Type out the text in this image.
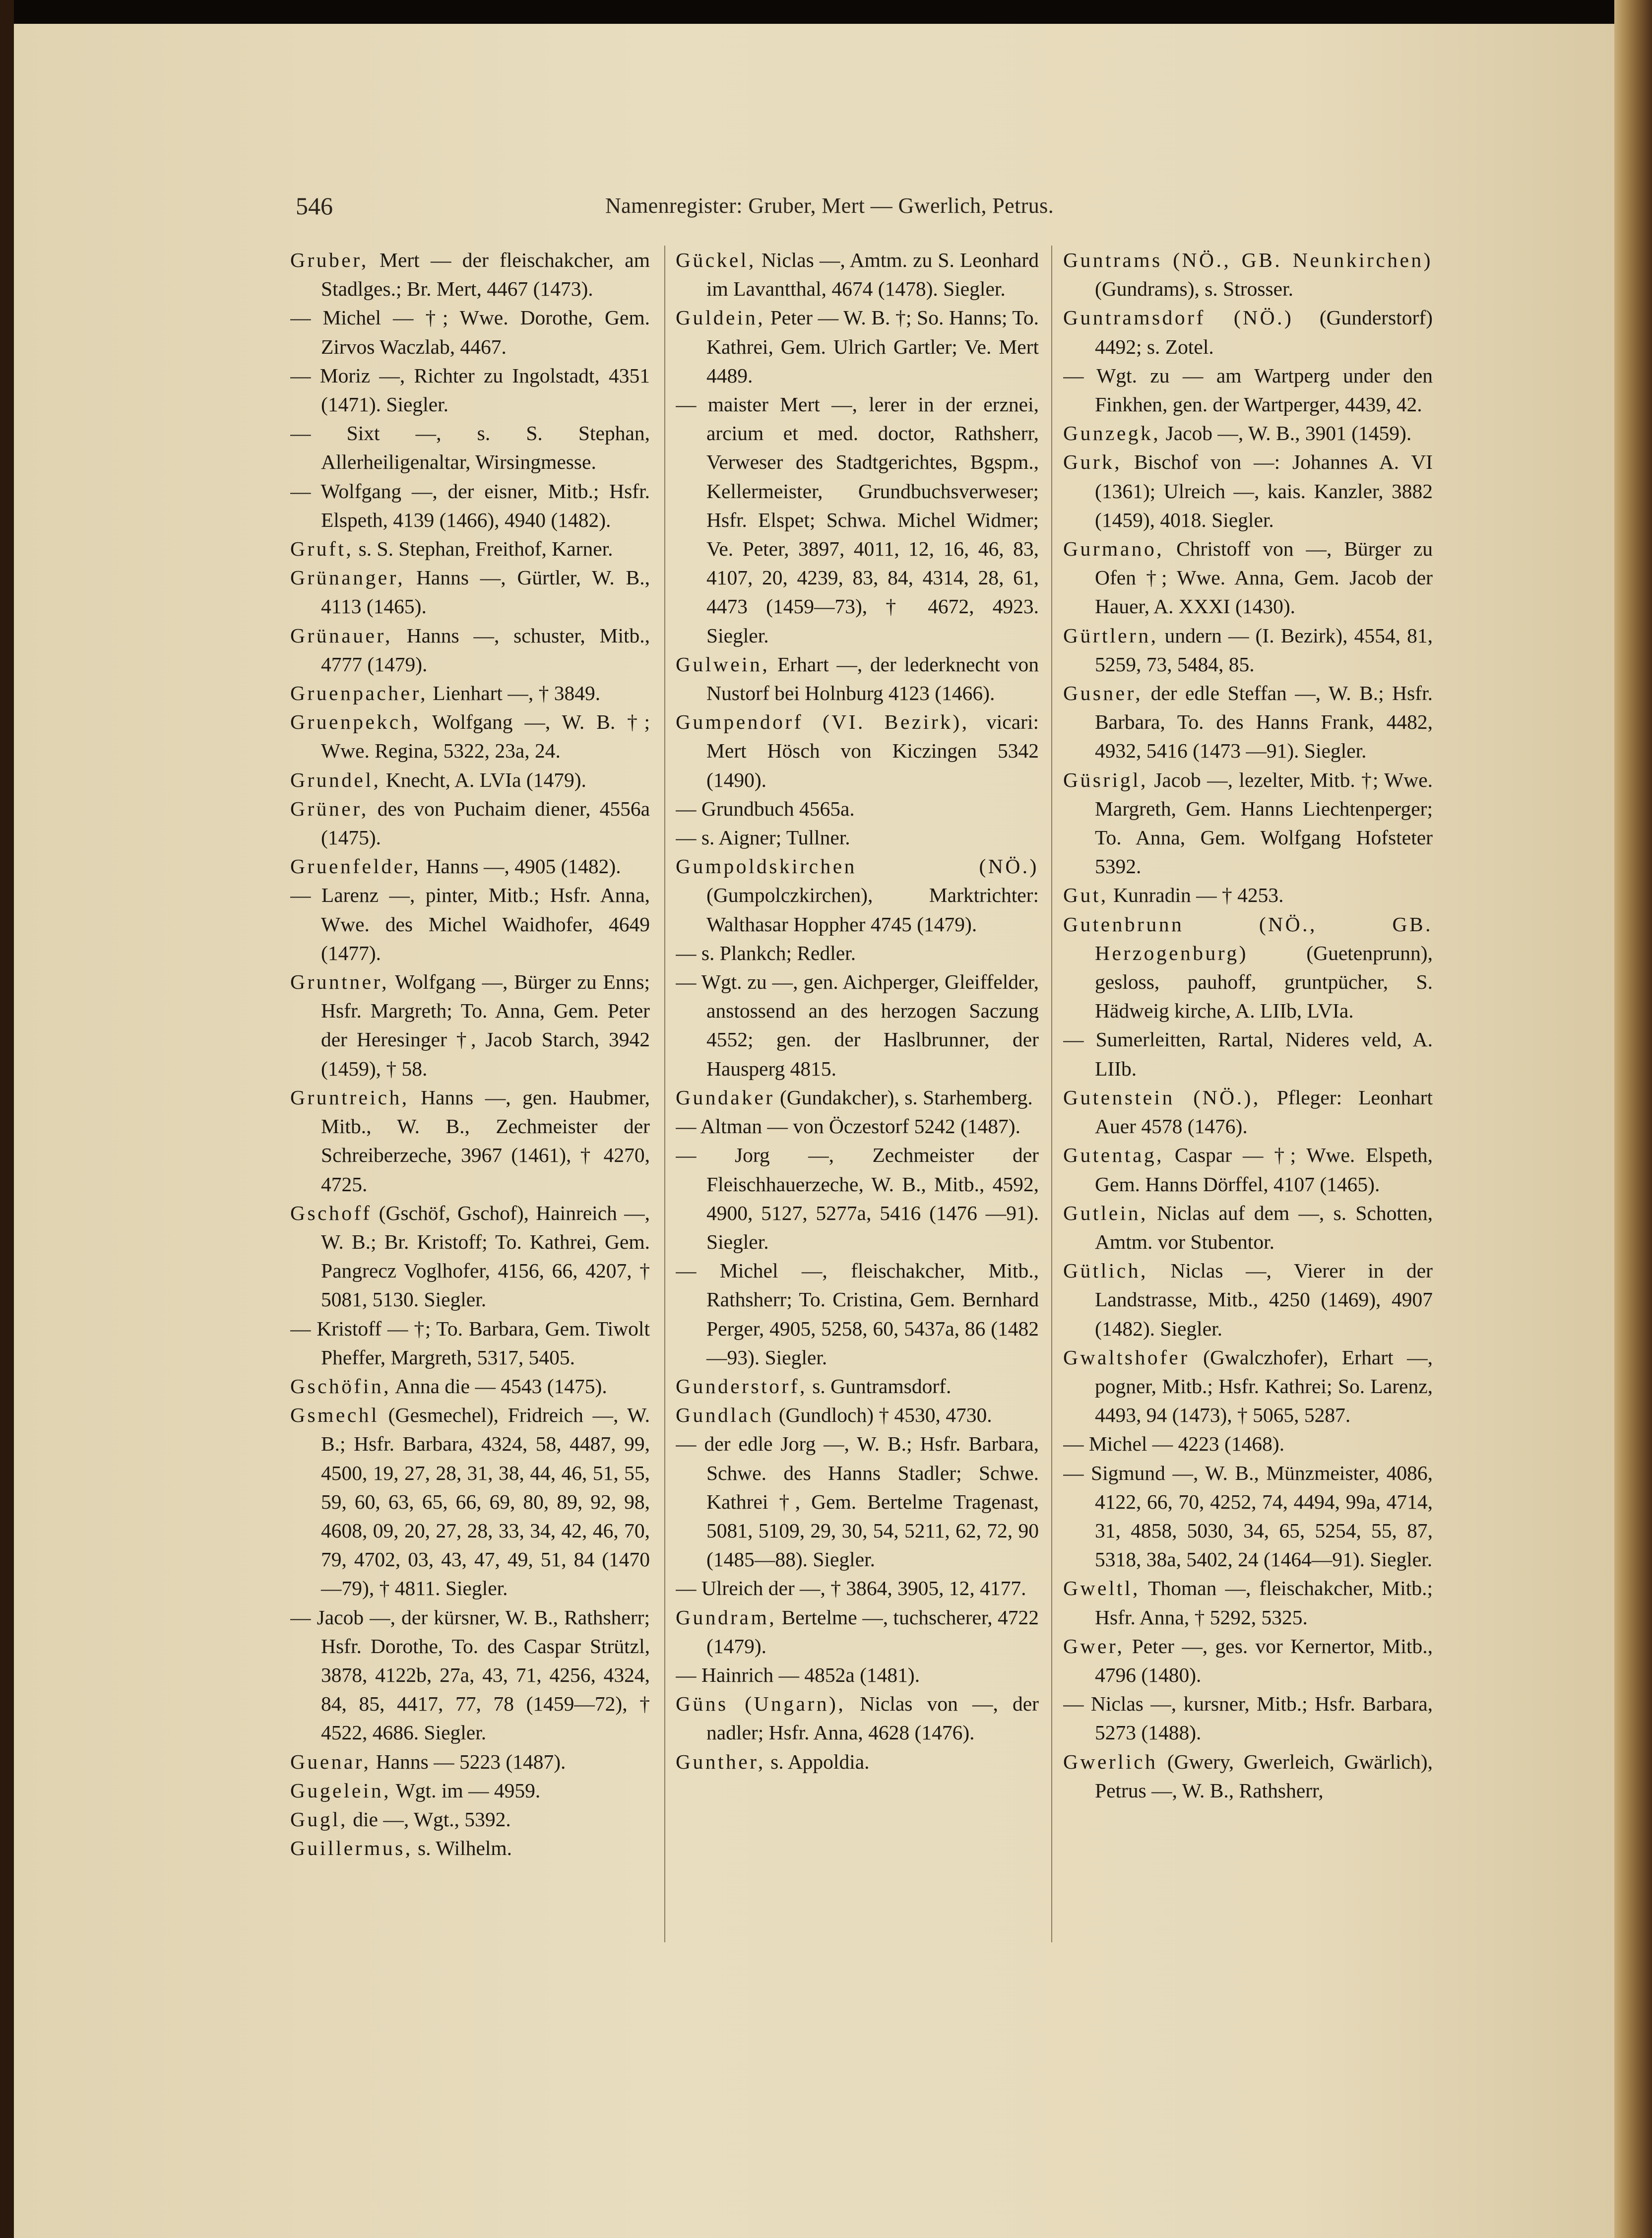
546	Namenregister: Gruber, Mert — Gwerlich, Petrus.

Gruber, Mert — der fleischakcher, am Stadlges.; Br. Mert, 4467 (1473).

— Michel — †; Wwe. Dorothe, Gem. Zirvos Waczlab, 4467.

— Moriz —, Richter zu Ingolstadt, 4351 (1471). Siegler.

— Sixt —, s. S. Stephan, Allerheiligenaltar, Wirsingmesse.

— Wolfgang —, der eisner, Mitb.; Hsfr. Elspeth, 4139 (1466), 4940 (1482).

Gruft, s. S. Stephan, Freithof, Karner.

Grünanger, Hanns —, Gürtler, W. B., 4113 (1465).

Grünauer, Hanns —, schuster, Mitb., 4777 (1479).

Gruenpacher, Lienhart —, † 3849.

Gruenpekch, Wolfgang —, W. B. †; Wwe. Regina, 5322, 23a, 24.

Grundel, Knecht, A. LVIa (1479).

Grüner, des von Puchaim diener, 4556a (1475).

Gruenfelder, Hanns —, 4905 (1482).

— Larenz —, pinter, Mitb.; Hsfr. Anna, Wwe. des Michel Waidhofer, 4649 (1477).

Gruntner, Wolfgang —, Bürger zu Enns; Hsfr. Margreth; To. Anna, Gem. Peter der Heresinger †, Jacob Starch, 3942 (1459), † 58.

Gruntreich, Hanns —, gen. Haubmer, Mitb., W. B., Zechmeister der Schreiberzeche, 3967 (1461), † 4270, 4725.

Gschoff (Gschöf, Gschof), Hainreich —, W. B.; Br. Kristoff; To. Kathrei, Gem. Pangrecz Voglhofer, 4156, 66, 4207, † 5081, 5130. Siegler.

— Kristoff — †; To. Barbara, Gem. Tiwolt Pheffer, Margreth, 5317, 5405.

Gschöfin, Anna die — 4543 (1475).

Gsmechl (Gesmechel), Fridreich —, W. B.; Hsfr. Barbara, 4324, 58, 4487, 99, 4500, 19, 27, 28, 31, 38, 44, 46, 51, 55, 59, 60, 63, 65, 66, 69, 80, 89, 92, 98, 4608, 09, 20, 27, 28, 33, 34, 42, 46, 70, 79, 4702, 03, 43, 47, 49, 51, 84 (1470—79), † 4811. Siegler.

— Jacob —, der kürsner, W. B., Rathsherr; Hsfr. Dorothe, To. des Caspar Strützl, 3878, 4122b, 27a, 43, 71, 4256, 4324, 84, 85, 4417, 77, 78 (1459—72), † 4522, 4686. Siegler.

Guenar, Hanns — 5223 (1487).

Gugelein, Wgt. im — 4959.

Gugl, die —, Wgt., 5392.

Guillermus, s. Wilhelm.

Gückel, Niclas —, Amtm. zu S. Leonhard im Lavantthal, 4674 (1478). Siegler.

Guldein, Peter — W. B. †; So. Hanns; To. Kathrei, Gem. Ulrich Gartler; Ve. Mert 4489.

— maister Mert —, lerer in der erznei, arcium et med. doctor, Rathsherr, Verweser des Stadtgerichtes, Bgspm., Kellermeister, Grundbuchsverweser; Hsfr. Elspet; Schwa. Michel Widmer; Ve. Peter, 3897, 4011, 12, 16, 46, 83, 4107, 20, 4239, 83, 84, 4314, 28, 61, 4473 (1459—73), † 4672, 4923. Siegler.

Gulwein, Erhart —, der lederknecht von Nustorf bei Holnburg 4123 (1466).

Gumpendorf (VI. Bezirk), vicari: Mert Hösch von Kiczingen 5342 (1490).

— Grundbuch 4565a.

— s. Aigner; Tullner.

Gumpoldskirchen (NÖ.) (Gumpolczkirchen), Marktrichter: Walthasar Hoppher 4745 (1479).

— s. Plankch; Redler.

— Wgt. zu —, gen. Aichperger, Gleiffelder, anstossend an des herzogen Saczung 4552; gen. der Haslbrunner, der Hausperg 4815.

Gundaker (Gundakcher), s. Starhemberg.

— Altman — von Öczestorf 5242 (1487).

— Jorg —, Zechmeister der Fleischhauerzeche, W. B., Mitb., 4592, 4900, 5127, 5277a, 5416 (1476 —91). Siegler.

— Michel —, fleischakcher, Mitb., Rathsherr; To. Cristina, Gem. Bernhard Perger, 4905, 5258, 60, 5437a, 86 (1482—93). Siegler.

Gunderstorf, s. Guntramsdorf.

Gundlach (Gundloch) † 4530, 4730.

— der edle Jorg —, W. B.; Hsfr. Barbara, Schwe. des Hanns Stadler; Schwe. Kathrei †, Gem. Bertelme Tragenast, 5081, 5109, 29, 30, 54, 5211, 62, 72, 90 (1485—88). Siegler.

— Ulreich der —, † 3864, 3905, 12, 4177.

Gundram, Bertelme —, tuchscherer, 4722 (1479).

— Hainrich — 4852a (1481).

Güns (Ungarn), Niclas von —, der nadler; Hsfr. Anna, 4628 (1476).

Gunther, s. Appoldia.

Guntrams (NÖ., GB. Neunkirchen) (Gundrams), s. Strosser.

Guntramsdorf (NÖ.) (Gunderstorf) 4492; s. Zotel.

— Wgt. zu — am Wartperg under den Finkhen, gen. der Wartperger, 4439, 42.

Gunzegk, Jacob —, W. B., 3901 (1459).

Gurk, Bischof von —: Johannes A. VI (1361); Ulreich —, kais. Kanzler, 3882 (1459), 4018. Siegler.

Gurmano, Christoff von —, Bürger zu Ofen †; Wwe. Anna, Gem. Jacob der Hauer, A. XXXI (1430).

Gürtlern, undern — (I. Bezirk), 4554, 81, 5259, 73, 5484, 85.

Gusner, der edle Steffan —, W. B.; Hsfr. Barbara, To. des Hanns Frank, 4482, 4932, 5416 (1473 —91). Siegler.

Güsrigl, Jacob —, lezelter, Mitb. †; Wwe. Margreth, Gem. Hanns Liechtenperger; To. Anna, Gem. Wolfgang Hofsteter 5392.

Gut, Kunradin — † 4253.

Gutenbrunn (NÖ., GB. Herzogenburg) (Guetenprunn), gesloss, pauhoff, gruntpücher, S. Hädweig kirche, A. LIIb, LVIa.

— Sumerleitten, Rartal, Nideres veld, A. LIIb.

Gutenstein (NÖ.), Pfleger: Leonhart Auer 4578 (1476).

Gutentag, Caspar — †; Wwe. Elspeth, Gem. Hanns Dörffel, 4107 (1465).

Gutlein, Niclas auf dem —, s. Schotten, Amtm. vor Stubentor.

Gütlich, Niclas —, Vierer in der Landstrasse, Mitb., 4250 (1469), 4907 (1482). Siegler.

Gwaltshofer (Gwalczhofer), Erhart —, pogner, Mitb.; Hsfr. Kathrei; So. Larenz, 4493, 94 (1473), † 5065, 5287.

— Michel — 4223 (1468).

— Sigmund —, W. B., Münzmeister, 4086, 4122, 66, 70, 4252, 74, 4494, 99a, 4714, 31, 4858, 5030, 34, 65, 5254, 55, 87, 5318, 38a, 5402, 24 (1464—91). Siegler.

Gweltl, Thoman —, fleischakcher, Mitb.; Hsfr. Anna, † 5292, 5325.

Gwer, Peter —, ges. vor Kernertor, Mitb., 4796 (1480).

— Niclas —, kursner, Mitb.; Hsfr. Barbara, 5273 (1488).

Gwerlich (Gwery, Gwerleich, Gwärlich), Petrus —, W. B., Rathsherr,
